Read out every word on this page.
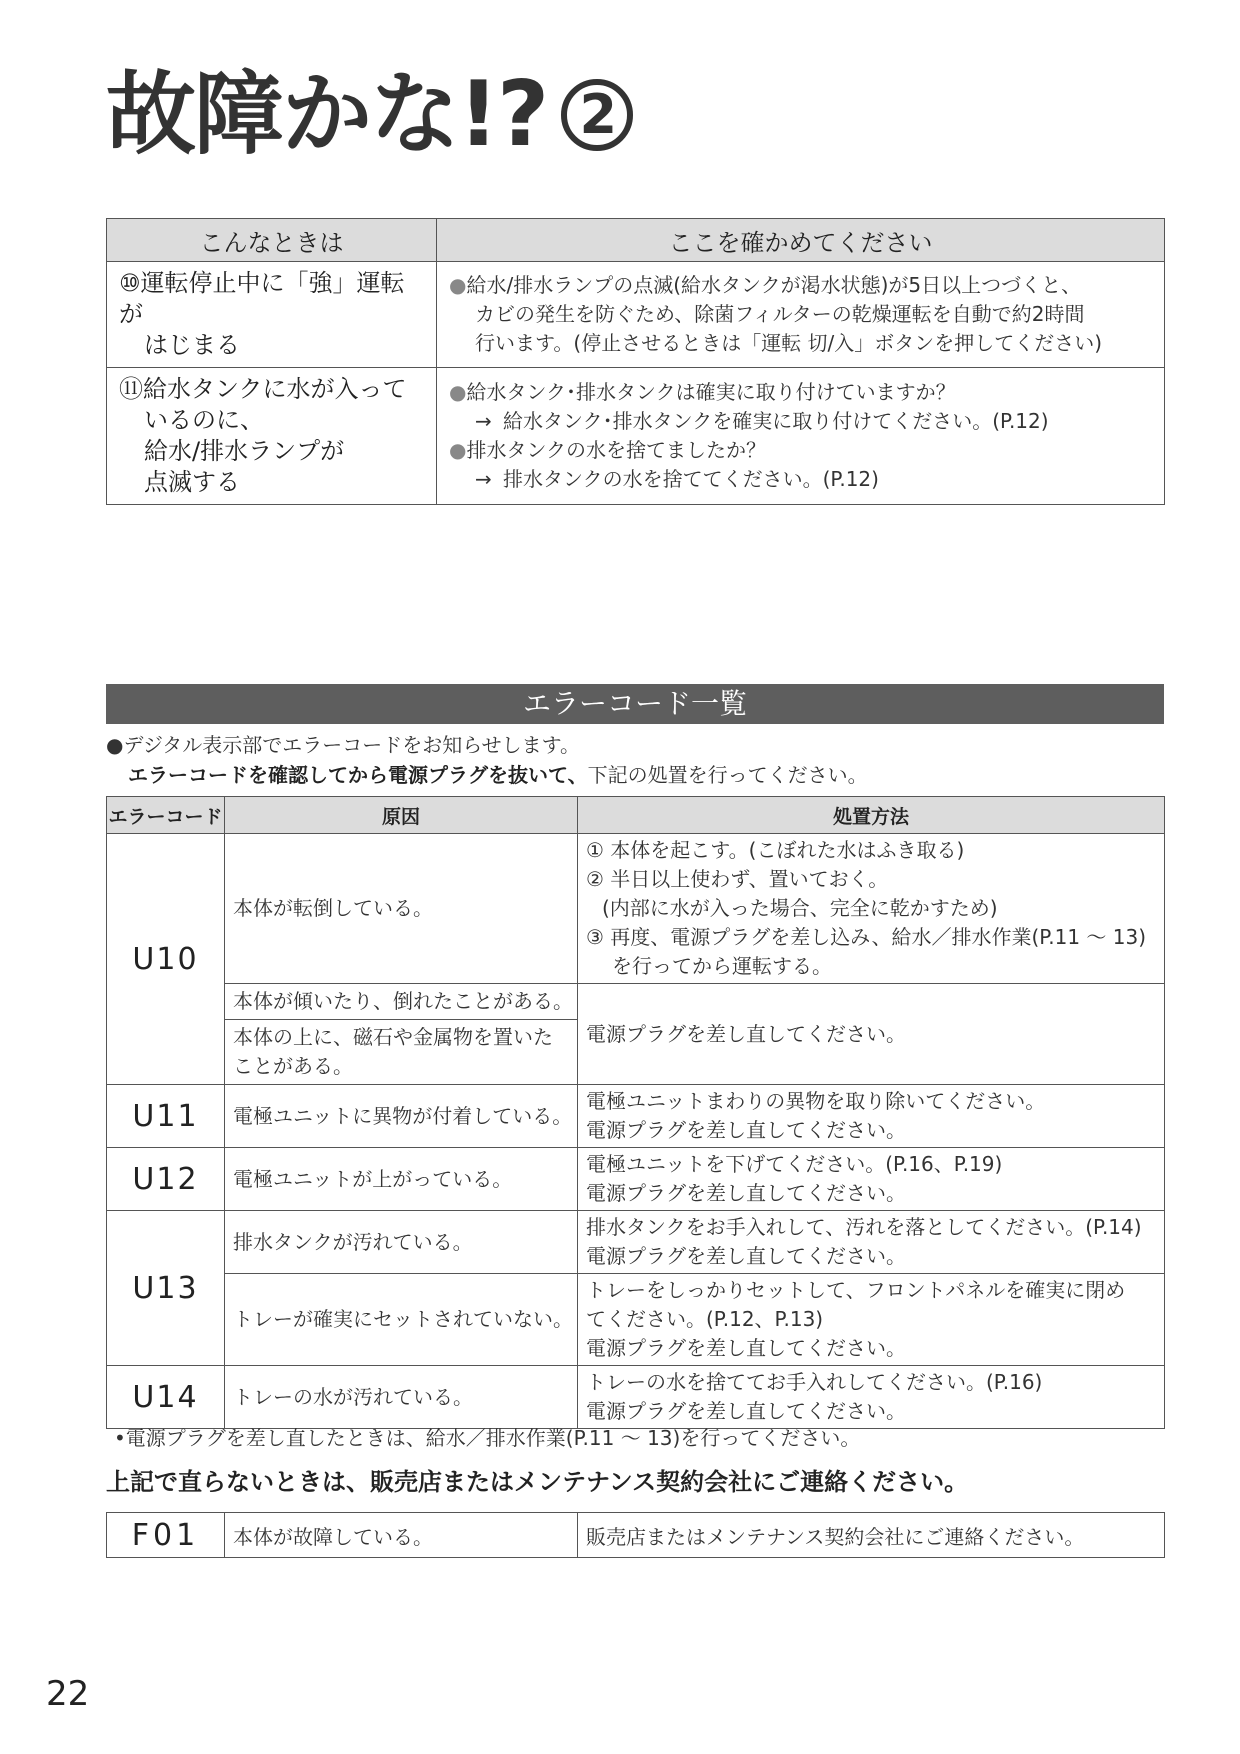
故障かな!? 2
こんなときは	ここを確かめてください

⑩運転停止中に「強」運転が
はじまる	●給水/排水ランプの点滅(給水タンクが渇水状態)が5日以上つづくと、
カビの発生を防ぐため、除菌フィルターの乾燥運転を自動で約2時間
行います。(停止させるときは「運転 切/入」ボタンを押してください)

⑪給水タンクに水が入って
いるのに、
給水/排水ランプが
点滅する	●給水タンク･排水タンクは確実に取り付けていますか？
→ 給水タンク･排水タンクを確実に取り付けてください。(P.12)
●排水タンクの水を捨てましたか？
→ 排水タンクの水を捨ててください。(P.12)
エラーコード一覧
●デジタル表示部でエラーコードをお知らせします。
エラーコードを確認してから電源プラグを抜いて、下記の処置を行ってください。
エラーコード	原因	処置方法
U10	本体が転倒している。	① 本体を起こす。(こぼれた水はふき取る)
② 半日以上使わず、置いておく。
(内部に水が入った場合、完全に乾かすため)
③ 再度、電源プラグを差し込み、給水／排水作業(P.11 ～ 13)
を行ってから運転する。

	本体が傾いたり、倒れたことがある。	電源プラグを差し直してください。

	本体の上に、磁石や金属物を置いた
ことがある。	

U11	電極ユニットに異物が付着している。	電極ユニットまわりの異物を取り除いてください。
電源プラグを差し直してください。

U12	電極ユニットが上がっている。	電極ユニットを下げてください。(P.16、P.19)
電源プラグを差し直してください。

U13	排水タンクが汚れている。	排水タンクをお手入れして、汚れを落としてください。(P.14)
電源プラグを差し直してください。

	トレーが確実にセットされていない。	トレーをしっかりセットして、フロントパネルを確実に閉め
てください。(P.12、P.13)
電源プラグを差し直してください。

U14	トレーの水が汚れている。	トレーの水を捨ててお手入れしてください。(P.16)
電源プラグを差し直してください。
•電源プラグを差し直したときは、給水／排水作業(P.11 ～ 13)を行ってください。
上記で直らないときは、販売店またはメンテナンス契約会社にご連絡ください。
F01	本体が故障している。	販売店またはメンテナンス契約会社にご連絡ください。
22
